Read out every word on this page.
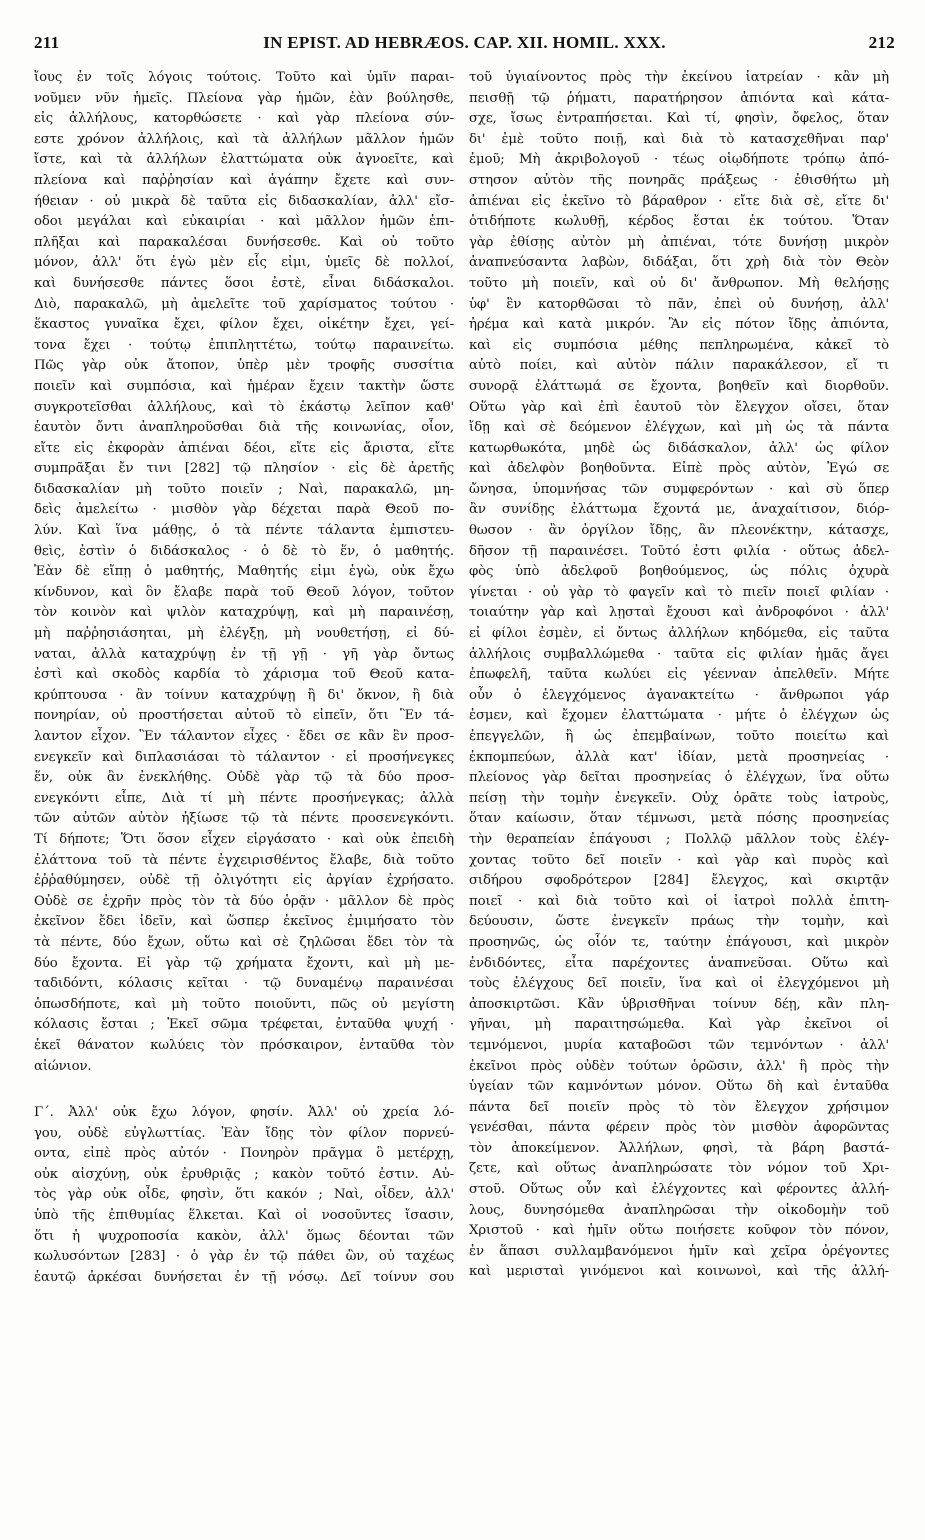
211	IN EPIST. AD HEBRÆOS. CAP. XII. HOMIL. XXX.	212
ἴους ἐν τοῖς λόγοις τούτοις. Τοῦτο καὶ ὑμῖν παραι-
νοῦμεν νῦν ἡμεῖς. Πλείονα γὰρ ἡμῶν, ἐὰν βούλησθε,
εἰς ἀλλήλους, κατορθώσετε · καὶ γὰρ πλείονα σύν-
εστε χρόνον ἀλλήλοις, καὶ τὰ ἀλλήλων μᾶλλον ἡμῶν
ἴστε, καὶ τὰ ἀλλήλων ἐλαττώματα οὐκ ἀγνοεῖτε, καὶ
πλείονα καὶ παῤῥησίαν καὶ ἀγάπην ἔχετε καὶ συν-
ήθειαν · οὐ μικρὰ δὲ ταῦτα εἰς διδασκαλίαν, ἀλλ' εἴσ-
οδοι μεγάλαι καὶ εὐκαιρίαι · καὶ μᾶλλον ἡμῶν ἐπι-
πλῆξαι καὶ παρακαλέσαι δυνήσεσθε. Καὶ οὐ τοῦτο
μόνον, ἀλλ' ὅτι ἐγὼ μὲν εἷς εἰμι, ὑμεῖς δὲ πολλοί,
καὶ δυνήσεσθε πάντες ὅσοι ἐστὲ, εἶναι διδάσκαλοι.
Διὸ, παρακαλῶ, μὴ ἀμελεῖτε τοῦ χαρίσματος τούτου ·
ἕκαστος γυναῖκα ἔχει, φίλον ἔχει, οἰκέτην ἔχει, γεί-
τονα ἔχει · τούτῳ ἐπιπληττέτω, τούτῳ παραινείτω.
Πῶς γὰρ οὐκ ἄτοπον, ὑπὲρ μὲν τροφῆς συσσίτια
ποιεῖν καὶ συμπόσια, καὶ ἡμέραν ἔχειν τακτὴν ὥστε
συγκροτεῖσθαι ἀλλήλους, καὶ τὸ ἑκάστῳ λεῖπον καθ'
ἑαυτὸν ὄντι ἀναπληροῦσθαι διὰ τῆς κοινωνίας, οἷον,
εἴτε εἰς ἐκφορὰν ἀπιέναι δέοι, εἴτε εἰς ἄριστα, εἴτε
συμπρᾶξαι ἔν τινι [282] τῷ πλησίον · εἰς δὲ ἀρετῆς
διδασκαλίαν μὴ τοῦτο ποιεῖν ; Ναὶ, παρακαλῶ, μη-
δεὶς ἀμελείτω · μισθὸν γὰρ δέχεται παρὰ Θεοῦ πο-
λύν. Καὶ ἵνα μάθῃς, ὁ τὰ πέντε τάλαντα ἐμπιστευ-
θεὶς, ἐστὶν ὁ διδάσκαλος · ὁ δὲ τὸ ἕν, ὁ μαθητής.
Ἐὰν δὲ εἴπῃ ὁ μαθητής, Μαθητής εἰμι ἐγὼ, οὐκ ἔχω
κίνδυνον, καὶ ὃν ἔλαβε παρὰ τοῦ Θεοῦ λόγον, τοῦτον
τὸν κοινὸν καὶ ψιλὸν καταχρύψῃ, καὶ μὴ παραινέσῃ,
μὴ παῤῥησιάσηται, μὴ ἐλέγξῃ, μὴ νουθετήσῃ, εἰ δύ-
ναται, ἀλλὰ καταχρύψῃ ἐν τῇ γῇ · γῆ γὰρ ὄντως
ἐστὶ καὶ σκοδὸς καρδία τὸ χάρισμα τοῦ Θεοῦ κατα-
κρύπτουσα · ἂν τοίνυν καταχρύψῃ ἢ δι' ὄκνον, ἢ διὰ
πονηρίαν, οὐ προστήσεται αὐτοῦ τὸ εἰπεῖν, ὅτι Ἓν τά-
λαντον εἶχον. Ἓν τάλαντον εἶχες · ἔδει σε κἂν ἓν προσ-
ενεγκεῖν καὶ διπλασιάσαι τὸ τάλαντον · εἰ προσήνεγκες
ἕν, οὐκ ἂν ἐνεκλήθης. Οὐδὲ γὰρ τῷ τὰ δύο προσ-
ενεγκόντι εἶπε, Διὰ τί μὴ πέντε προσήνεγκας; ἀλλὰ
τῶν αὐτῶν αὐτὸν ἠξίωσε τῷ τὰ πέντε προσενεγκόντι.
Τί δήποτε; Ὅτι ὅσον εἶχεν εἰργάσατο · καὶ οὐκ ἐπειδὴ
ἐλάττονα τοῦ τὰ πέντε ἐγχειρισθέντος ἔλαβε, διὰ τοῦτο
ἐῤῥαθύμησεν, οὐδὲ τῇ ὀλιγότητι εἰς ἀργίαν ἐχρήσατο.
Οὐδὲ σε ἐχρῆν πρὸς τὸν τὰ δύο ὁρᾷν · μᾶλλον δὲ πρὸς
ἐκεῖνον ἔδει ἰδεῖν, καὶ ὥσπερ ἐκεῖνος ἐμιμήσατο τὸν
τὰ πέντε, δύο ἔχων, οὕτω καὶ σὲ ζηλῶσαι ἔδει τὸν τὰ
δύο ἔχοντα. Εἰ γὰρ τῷ χρήματα ἔχοντι, καὶ μὴ με-
ταδιδόντι, κόλασις κεῖται · τῷ δυναμένῳ παραινέσαι
ὁπωσδήποτε, καὶ μὴ τοῦτο ποιοῦντι, πῶς οὐ μεγίστη
κόλασις ἔσται ; Ἐκεῖ σῶμα τρέφεται, ἐνταῦθα ψυχή ·
ἐκεῖ θάνατον κωλύεις τὸν πρόσκαιρον, ἐνταῦθα τὸν
αἰώνιον.
Γ΄. Ἀλλ' οὐκ ἔχω λόγον, φησίν. Ἀλλ' οὐ χρεία λό-
γου, οὐδὲ εὐγλωττίας. Ἐὰν ἴδῃς τὸν φίλον πορνεύ-
οντα, εἰπὲ πρὸς αὐτόν · Πονηρὸν πρᾶγμα ὃ μετέρχῃ,
οὐκ αἰσχύνῃ, οὐκ ἐρυθριᾷς ; κακὸν τοῦτό ἐστιν. Αὐ-
τὸς γὰρ οὐκ οἶδε, φησὶν, ὅτι κακόν ; Ναὶ, οἶδεν, ἀλλ'
ὑπὸ τῆς ἐπιθυμίας ἕλκεται. Καὶ οἱ νοσοῦντες ἴσασιν,
ὅτι ἡ ψυχροποσία κακὸν, ἀλλ' ὅμως δέονται τῶν
κωλυσόντων [283] · ὁ γὰρ ἐν τῷ πάθει ὢν, οὐ ταχέως
ἑαυτῷ ἀρκέσαι δυνήσεται ἐν τῇ νόσῳ. Δεῖ τοίνυν σου
τοῦ ὑγιαίνοντος πρὸς τὴν ἐκείνου ἰατρείαν · κἂν μὴ
πεισθῇ τῷ ῥήματι, παρατήρησον ἀπιόντα καὶ κάτα-
σχε, ἴσως ἐντραπήσεται. Καὶ τί, φησὶν, ὄφελος, ὅταν
δι' ἐμὲ τοῦτο ποιῇ, καὶ διὰ τὸ κατασχεθῆναι παρ'
ἐμοῦ; Μὴ ἀκριβολογοῦ · τέως οἱῳδήποτε τρόπῳ ἀπό-
στησον αὐτὸν τῆς πονηρᾶς πράξεως · ἐθισθήτω μὴ
ἀπιέναι εἰς ἐκεῖνο τὸ βάραθρον · εἴτε διὰ σὲ, εἴτε δι'
ὁτιδήποτε κωλυθῇ, κέρδος ἔσται ἐκ τούτου. Ὅταν
γὰρ ἐθίσῃς αὐτὸν μὴ ἀπιέναι, τότε δυνήσῃ μικρὸν
ἀναπνεύσαντα λαβὼν, διδάξαι, ὅτι χρὴ διὰ τὸν Θεὸν
τοῦτο μὴ ποιεῖν, καὶ οὐ δι' ἄνθρωπον. Μὴ θελήσῃς
ὑφ' ἓν κατορθῶσαι τὸ πᾶν, ἐπεὶ οὐ δυνήσῃ, ἀλλ'
ἠρέμα καὶ κατὰ μικρόν. Ἂν εἰς πότον ἴδῃς ἀπιόντα,
καὶ εἰς συμπόσια μέθης πεπληρωμένα, κἀκεῖ τὸ
αὐτὸ ποίει, καὶ αὐτὸν πάλιν παρακάλεσον, εἴ τι
συνορᾷ ἐλάττωμά σε ἔχοντα, βοηθεῖν καὶ διορθοῦν.
Οὕτω γὰρ καὶ ἐπὶ ἑαυτοῦ τὸν ἔλεγχον οἴσει, ὅταν
ἴδῃ καὶ σὲ δεόμενον ἐλέγχων, καὶ μὴ ὡς τὰ πάντα
κατωρθωκότα, μηδὲ ὡς διδάσκαλον, ἀλλ' ὡς φίλον
καὶ ἀδελφὸν βοηθοῦντα. Εἰπὲ πρὸς αὐτὸν, Ἐγώ σε
ὤνησα, ὑπομνήσας τῶν συμφερόντων · καὶ σὺ ὅπερ
ἂν συνίδῃς ἐλάττωμα ἔχοντά με, ἀναχαίτισον, διόρ-
θωσον · ἂν ὀργίλον ἴδῃς, ἂν πλεονέκτην, κάτασχε,
δῆσον τῇ παραινέσει. Τοῦτό ἐστι φιλία · οὕτως ἀδελ-
φὸς ὑπὸ ἀδελφοῦ βοηθούμενος, ὡς πόλις ὀχυρὰ
γίνεται · οὐ γὰρ τὸ φαγεῖν καὶ τὸ πιεῖν ποιεῖ φιλίαν ·
τοιαύτην γὰρ καὶ λῃσταὶ ἔχουσι καὶ ἀνδροφόνοι · ἀλλ'
εἰ φίλοι ἐσμὲν, εἰ ὄντως ἀλλήλων κηδόμεθα, εἰς ταῦτα
ἀλλήλοις συμβαλλώμεθα · ταῦτα εἰς φιλίαν ἡμᾶς ἄγει
ἐπωφελῆ, ταῦτα κωλύει εἰς γέενναν ἀπελθεῖν. Μήτε
οὖν ὁ ἐλεγχόμενος ἀγανακτείτω · ἄνθρωποι γάρ
ἐσμεν, καὶ ἔχομεν ἐλαττώματα · μήτε ὁ ἐλέγχων ὡς
ἐπεγγελῶν, ἢ ὡς ἐπεμβαίνων, τοῦτο ποιείτω καὶ
ἐκπομπεύων, ἀλλὰ κατ' ἰδίαν, μετὰ προσηνείας ·
πλείονος γὰρ δεῖται προσηνείας ὁ ἐλέγχων, ἵνα οὕτω
πείσῃ τὴν τομὴν ἐνεγκεῖν. Οὐχ ὁρᾶτε τοὺς ἰατροὺς,
ὅταν καίωσιν, ὅταν τέμνωσι, μετὰ πόσης προσηνείας
τὴν θεραπείαν ἐπάγουσι ; Πολλῷ μᾶλλον τοὺς ἐλέγ-
χοντας τοῦτο δεῖ ποιεῖν · καὶ γὰρ καὶ πυρὸς καὶ
σιδήρου σφοδρότερον [284] ἔλεγχος, καὶ σκιρτᾷν
ποιεῖ · καὶ διὰ τοῦτο καὶ οἱ ἰατροὶ πολλὰ ἐπιτη-
δεύουσιν, ὥστε ἐνεγκεῖν πράως τὴν τομὴν, καὶ
προσηνῶς, ὡς οἷόν τε, ταύτην ἐπάγουσι, καὶ μικρὸν
ἐνδιδόντες, εἶτα παρέχοντες ἀναπνεῦσαι. Οὕτω καὶ
τοὺς ἐλέγχους δεῖ ποιεῖν, ἵνα καὶ οἱ ἐλεγχόμενοι μὴ
ἀποσκιρτῶσι. Κἂν ὑβρισθῆναι τοίνυν δέῃ, κἂν πλη-
γῆναι, μὴ παραιτησώμεθα. Καὶ γὰρ ἐκεῖνοι οἱ
τεμνόμενοι, μυρία καταβοῶσι τῶν τεμνόντων · ἀλλ'
ἐκεῖνοι πρὸς οὐδὲν τούτων ὁρῶσιν, ἀλλ' ἢ πρὸς τὴν
ὑγείαν τῶν καμνόντων μόνον. Οὕτω δὴ καὶ ἐνταῦθα
πάντα δεῖ ποιεῖν πρὸς τὸ τὸν ἔλεγχον χρήσιμον
γενέσθαι, πάντα φέρειν πρὸς τὸν μισθὸν ἀφορῶντας
τὸν ἀποκείμενον. Ἀλλήλων, φησὶ, τὰ βάρη βαστά-
ζετε, καὶ οὕτως ἀναπληρώσατε τὸν νόμον τοῦ Χρι-
στοῦ. Οὕτως οὖν καὶ ἐλέγχοντες καὶ φέροντες ἀλλή-
λους, δυνησόμεθα ἀναπληρῶσαι τὴν οἰκοδομὴν τοῦ
Χριστοῦ · καὶ ἡμῖν οὕτω ποιήσετε κοῦφον τὸν πόνον,
ἐν ἅπασι συλλαμβανόμενοι ἡμῖν καὶ χεῖρα ὀρέγοντες
καὶ μερισταὶ γινόμενοι καὶ κοινωνοὶ, καὶ τῆς ἀλλή-
